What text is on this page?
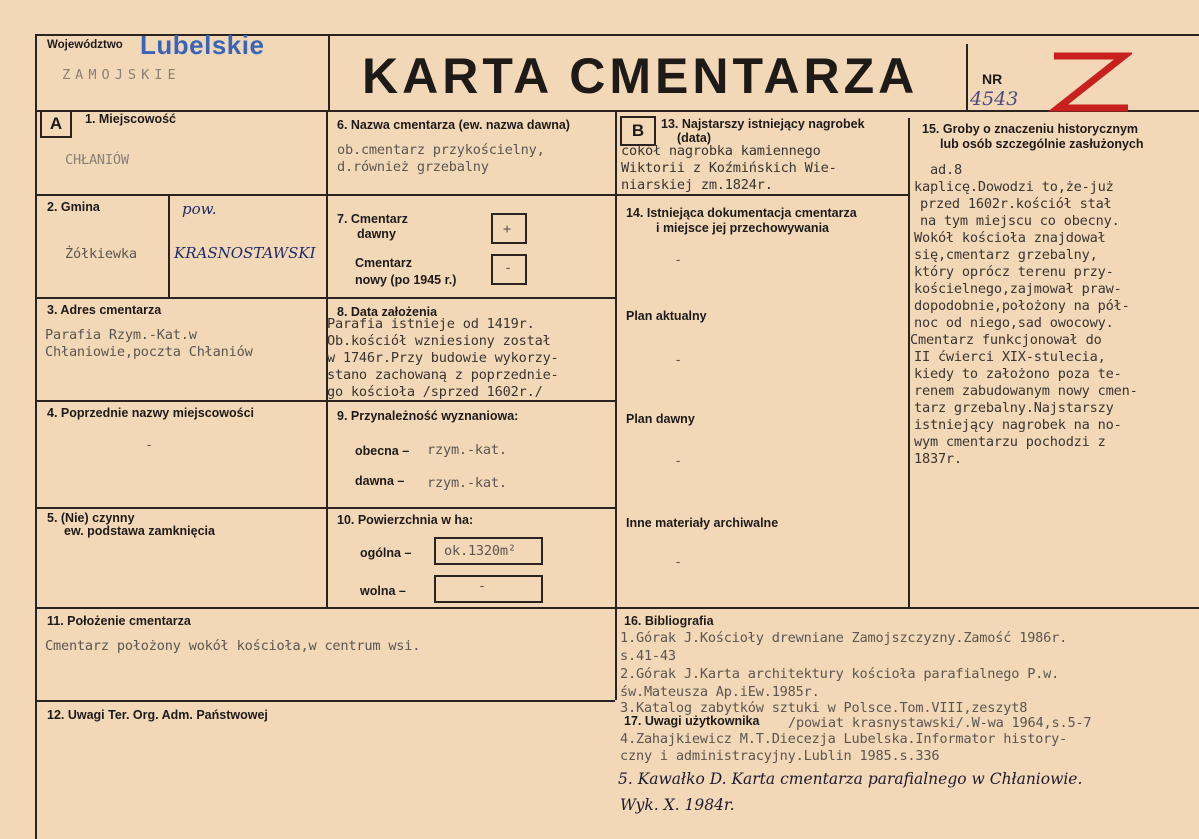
Województwo Lubelskie
ZAMOJSKIE	KARTA CMENTARZA	NR
4543
A	1. Miejscowość
CHŁANIÓW
2. Gmina
Żółkiewka
pow.
KRASNOSTAWSKI
3. Adres cmentarza
Parafia Rzym.-Kat.w
Chłaniowie,poczta Chłaniów
4. Poprzednie nazwy miejscowości
-
5. (Nie) czynny
ew. podstawa zamknięcia
6. Nazwa cmentarza (ew. nazwa dawna)
ob.cmentarz przykościelny,
d.również grzebalny
7. Cmentarz
dawny	+
Cmentarz
nowy (po 1945 r.)
-
8. Data założenia
Parafia istnieje od 1419r.
Ob.kościół wzniesiony został
w 1746r.Przy budowie wykorzy-
stano zachowaną z poprzednie-
go kościoła /sprzed 1602r./
9. Przynależność wyznaniowa:
obecna – rzym.-kat.
dawna – rzym.-kat.
10. Powierzchnia w ha:
ogólna – ok.1320m²
wolna –	-
11. Położenie cmentarza
Cmentarz położony wokół kościoła,w centrum wsi.
12. Uwagi Ter. Org. Adm. Państwowej
B	13. Najstarszy istniejący nagrobek
(data)
cokół nagrobka kamiennego
Wiktorii z Koźmińskich Wie-
niarskiej zm.1824r.
14. Istniejąca dokumentacja cmentarza
i miejsce jej przechowywania
-
Plan aktualny
-
Plan dawny
-
Inne materiały archiwalne
-
15. Groby o znaczeniu historycznym
lub osób szczególnie zasłużonych
ad.8
kaplicę.Dowodzi to,że-już
przed 1602r.kościół stał
na tym miejscu co obecny.
Wokół kościoła znajdował
się,cmentarz grzebalny,
który oprócz terenu przy-
kościelnego,zajmował praw-
dopodobnie,położony na pół-
noc od niego,sad owocowy.
Cmentarz funkcjonował do
II ćwierci XIX-stulecia,
kiedy to założono poza te-
renem zabudowanym nowy cmen-
tarz grzebalny.Najstarszy
istniejący nagrobek na no-
wym cmentarzu pochodzi z
1837r.
16. Bibliografia
1.Górak J.Kościoły drewniane Zamojszczyzny.Zamość 1986r.
s.41-43
2.Górak J.Karta architektury kościoła parafialnego P.w.
św.Mateusza Ap.iEw.1985r.
3.Katalog zabytków sztuki w Polsce.Tom.VIII,zeszyt8
/powiat krasnystawski/.W-wa 1964,s.5-7
4.Zahajkiewicz M.T.Diecezja Lubelska.Informator history-
czny i administracyjny.Lublin 1985.s.336
5. Kawałko D. Karta cmentarza parafialnego w Chłaniowie.
Wyk. X. 1984r.
17. Uwagi użytkownika
